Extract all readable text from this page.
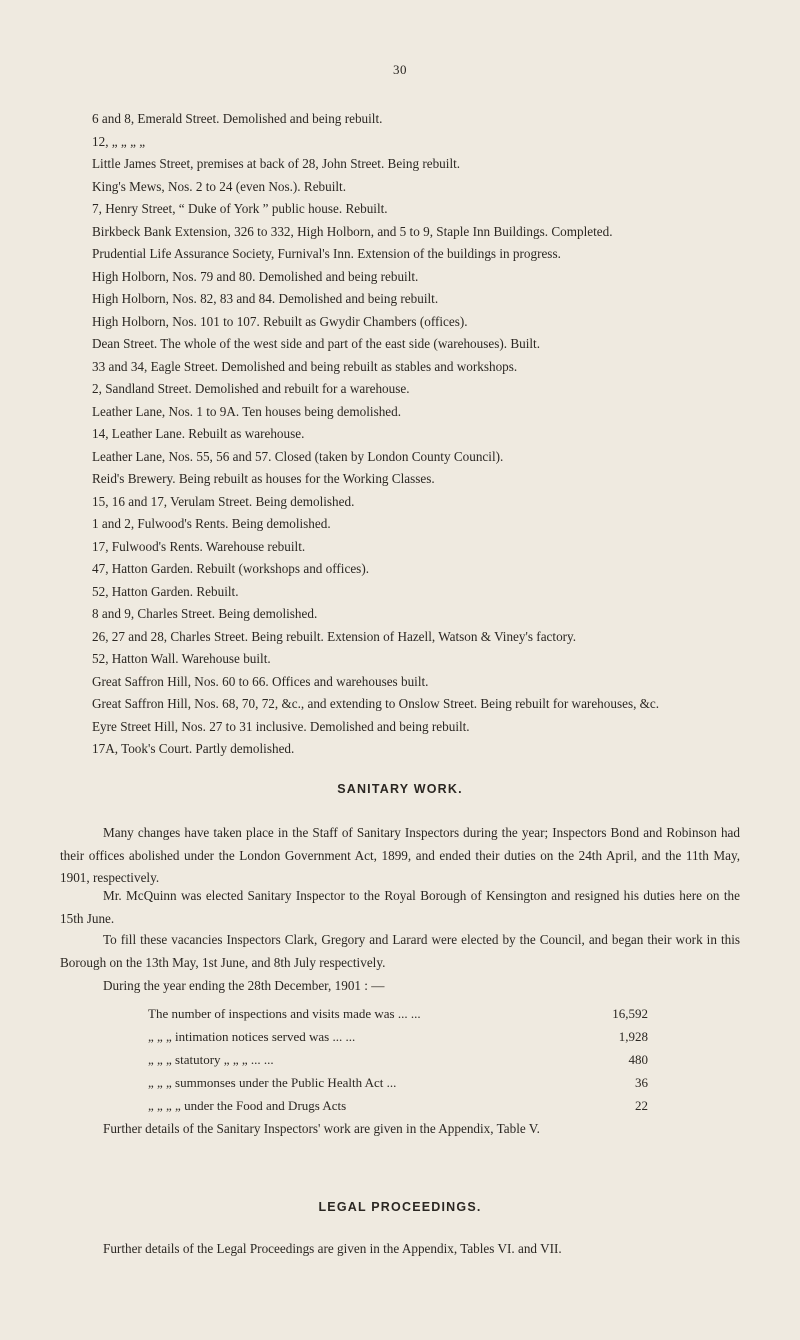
30

6 and 8, Emerald Street. Demolished and being rebuilt.

12, „ „ „ „

Little James Street, premises at back of 28, John Street. Being rebuilt.

King's Mews, Nos. 2 to 24 (even Nos.). Rebuilt.

7, Henry Street, “ Duke of York ” public house. Rebuilt.

Birkbeck Bank Extension, 326 to 332, High Holborn, and 5 to 9, Staple Inn Buildings. Completed.

Prudential Life Assurance Society, Furnival's Inn. Extension of the buildings in progress.

High Holborn, Nos. 79 and 80. Demolished and being rebuilt.

High Holborn, Nos. 82, 83 and 84. Demolished and being rebuilt.

High Holborn, Nos. 101 to 107. Rebuilt as Gwydir Chambers (offices).

Dean Street. The whole of the west side and part of the east side (warehouses). Built.

33 and 34, Eagle Street. Demolished and being rebuilt as stables and workshops.

2, Sandland Street. Demolished and rebuilt for a warehouse.

Leather Lane, Nos. 1 to 9A. Ten houses being demolished.

14, Leather Lane. Rebuilt as warehouse.

Leather Lane, Nos. 55, 56 and 57. Closed (taken by London County Council).

Reid's Brewery. Being rebuilt as houses for the Working Classes.

15, 16 and 17, Verulam Street. Being demolished.

1 and 2, Fulwood's Rents. Being demolished.

17, Fulwood's Rents. Warehouse rebuilt.

47, Hatton Garden. Rebuilt (workshops and offices).

52, Hatton Garden. Rebuilt.

8 and 9, Charles Street. Being demolished.

26, 27 and 28, Charles Street. Being rebuilt. Extension of Hazell, Watson & Viney's factory.

52, Hatton Wall. Warehouse built.

Great Saffron Hill, Nos. 60 to 66. Offices and warehouses built.

Great Saffron Hill, Nos. 68, 70, 72, &c., and extending to Onslow Street. Being rebuilt for warehouses, &c.

Eyre Street Hill, Nos. 27 to 31 inclusive. Demolished and being rebuilt.

17A, Took's Court. Partly demolished.

SANITARY WORK.

Many changes have taken place in the Staff of Sanitary Inspectors during the year; Inspectors Bond and Robinson had their offices abolished under the London Government Act, 1899, and ended their duties on the 24th April, and the 11th May, 1901, respectively.

Mr. McQuinn was elected Sanitary Inspector to the Royal Borough of Kensington and resigned his duties here on the 15th June.

To fill these vacancies Inspectors Clark, Gregory and Larard were elected by the Council, and began their work in this Borough on the 13th May, 1st June, and 8th July respectively.

During the year ending the 28th December, 1901 : —

The number of inspections and visits made was ... ...	16,592
„ „ „ intimation notices served was ... ...	1,928
„ „ „ statutory „ „ „ ... ...	480
„ „ „ summonses under the Public Health Act ...	36
„ „ „ „ under the Food and Drugs Acts	22

Further details of the Sanitary Inspectors' work are given in the Appendix, Table V.

LEGAL PROCEEDINGS.

Further details of the Legal Proceedings are given in the Appendix, Tables VI. and VII.
